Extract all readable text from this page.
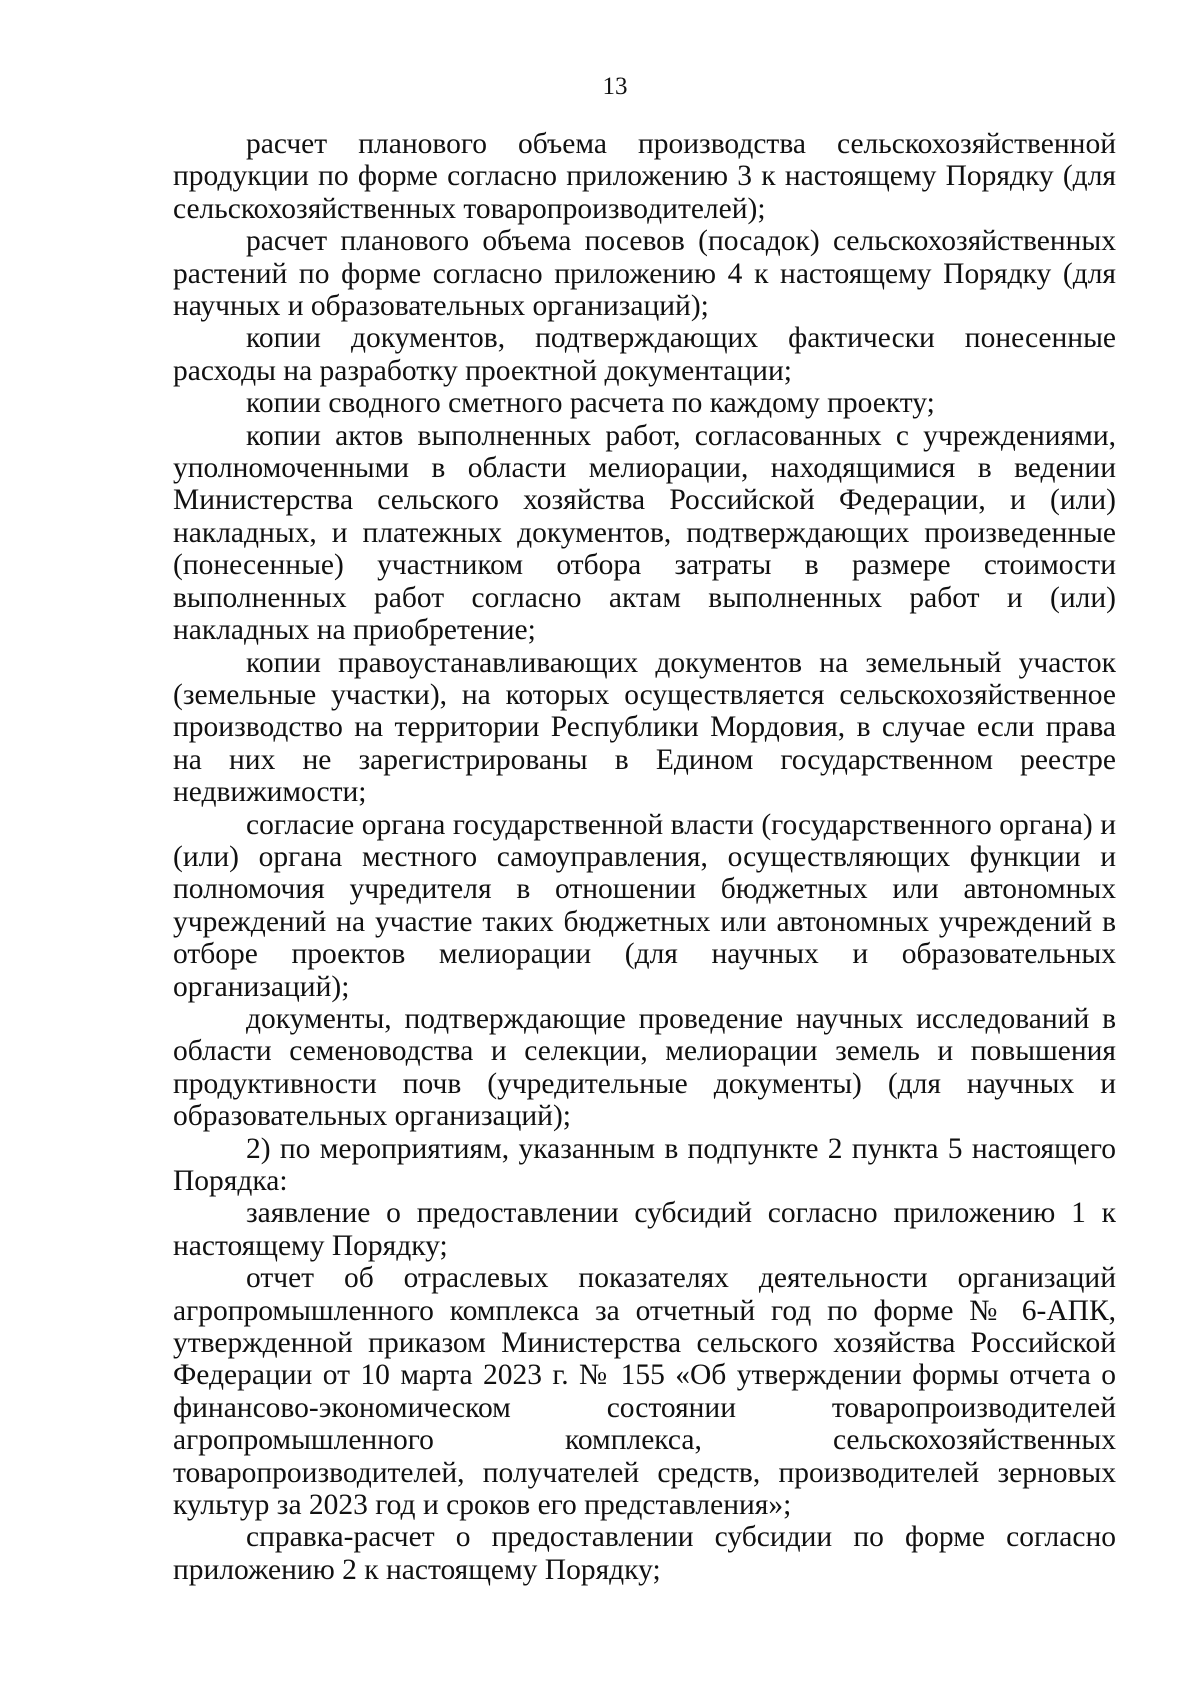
13

расчет планового объема производства сельскохозяйственной продукции по форме согласно приложению 3 к настоящему Порядку (для сельскохозяйственных товаропроизводителей);

расчет планового объема посевов (посадок) сельскохозяйственных растений по форме согласно приложению 4 к настоящему Порядку (для научных и образовательных организаций);

копии документов, подтверждающих фактически понесенные расходы на разработку проектной документации;

копии сводного сметного расчета по каждому проекту;

копии актов выполненных работ, согласованных с учреждениями, уполномоченными в области мелиорации, находящимися в ведении Министерства сельского хозяйства Российской Федерации, и (или) накладных, и платежных документов, подтверждающих произведенные (понесенные) участником отбора затраты в размере стоимости выполненных работ согласно актам выполненных работ и (или) накладных на приобретение;

копии правоустанавливающих документов на земельный участок (земельные участки), на которых осуществляется сельскохозяйственное производство на территории Республики Мордовия, в случае если права на них не зарегистрированы в Едином государственном реестре недвижимости;

согласие органа государственной власти (государственного органа) и (или) органа местного самоуправления, осуществляющих функции и полномочия учредителя в отношении бюджетных или автономных учреждений на участие таких бюджетных или автономных учреждений в отборе проектов мелиорации (для научных и образовательных организаций);

документы, подтверждающие проведение научных исследований в области семеноводства и селекции, мелиорации земель и повышения продуктивности почв (учредительные документы) (для научных и образовательных организаций);

2) по мероприятиям, указанным в подпункте 2 пункта 5 настоящего Порядка:

заявление о предоставлении субсидий согласно приложению 1 к настоящему Порядку;

отчет об отраслевых показателях деятельности организаций агропромышленного комплекса за отчетный год по форме № 6-АПК, утвержденной приказом Министерства сельского хозяйства Российской Федерации от 10 марта 2023 г. № 155 «Об утверждении формы отчета о финансово-экономическом состоянии товаропроизводителей агропромышленного комплекса, сельскохозяйственных товаропроизводителей, получателей средств, производителей зерновых культур за 2023 год и сроков его представления»;

справка-расчет о предоставлении субсидии по форме согласно приложению 2 к настоящему Порядку;
